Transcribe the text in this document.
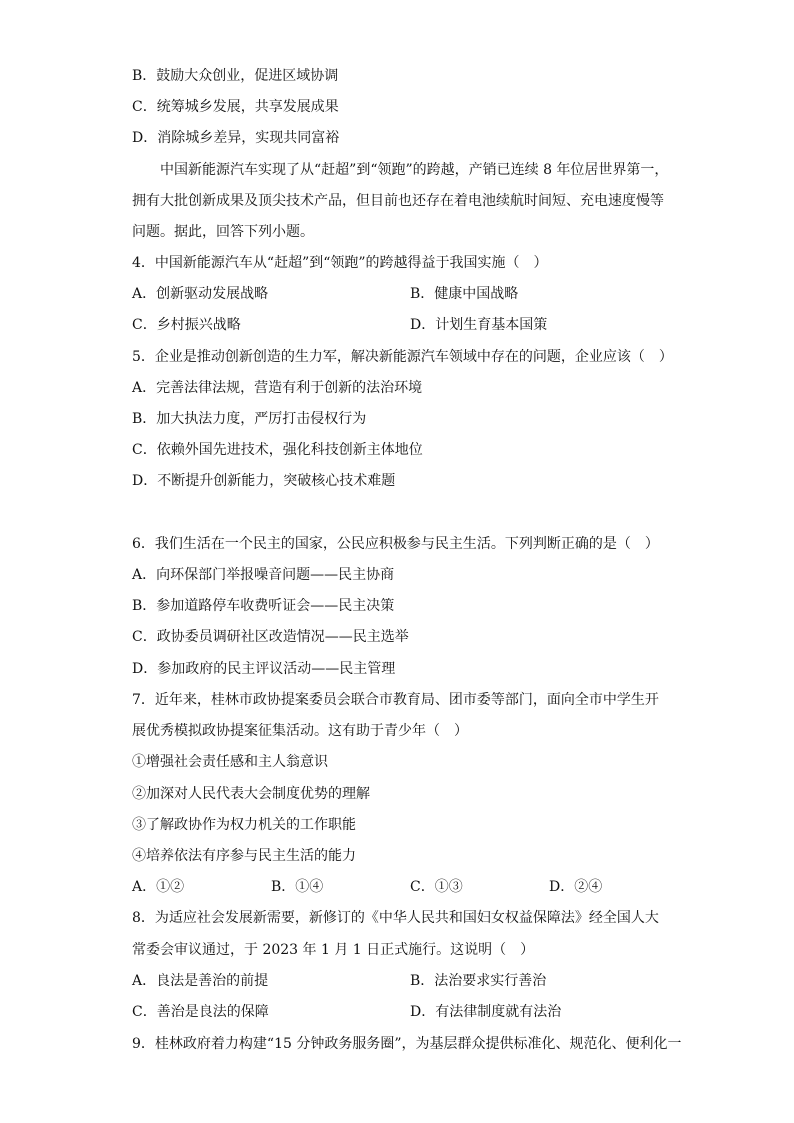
B．鼓励大众创业，促进区域协调
C．统筹城乡发展，共享发展成果
D．消除城乡差异，实现共同富裕
中国新能源汽车实现了从“赶超”到“领跑”的跨越，产销已连续 8 年位居世界第一，
拥有大批创新成果及顶尖技术产品，但目前也还存在着电池续航时间短、充电速度慢等
问题。据此，回答下列小题。
4．中国新能源汽车从“赶超”到“领跑”的跨越得益于我国实施（　）
A．创新驱动发展战略	B．健康中国战略
C．乡村振兴战略	D．计划生育基本国策
5．企业是推动创新创造的生力军，解决新能源汽车领域中存在的问题，企业应该（　）
A．完善法律法规，营造有利于创新的法治环境
B．加大执法力度，严厉打击侵权行为
C．依赖外国先进技术，强化科技创新主体地位
D．不断提升创新能力，突破核心技术难题
6．我们生活在一个民主的国家，公民应积极参与民主生活。下列判断正确的是（　）
A．向环保部门举报噪音问题——民主协商
B．参加道路停车收费听证会——民主决策
C．政协委员调研社区改造情况——民主选举
D．参加政府的民主评议活动——民主管理
7．近年来，桂林市政协提案委员会联合市教育局、团市委等部门，面向全市中学生开
展优秀模拟政协提案征集活动。这有助于青少年（　）
①增强社会责任感和主人翁意识
②加深对人民代表大会制度优势的理解
③了解政协作为权力机关的工作职能
④培养依法有序参与民主生活的能力
A．①②	B．①④	C．①③	D．②④
8．为适应社会发展新需要，新修订的《中华人民共和国妇女权益保障法》经全国人大
常委会审议通过，于 2023 年 1 月 1 日正式施行。这说明（　）
A．良法是善治的前提	B．法治要求实行善治
C．善治是良法的保障	D．有法律制度就有法治
9．桂林政府着力构建“15 分钟政务服务圈”，为基层群众提供标准化、规范化、便利化一
